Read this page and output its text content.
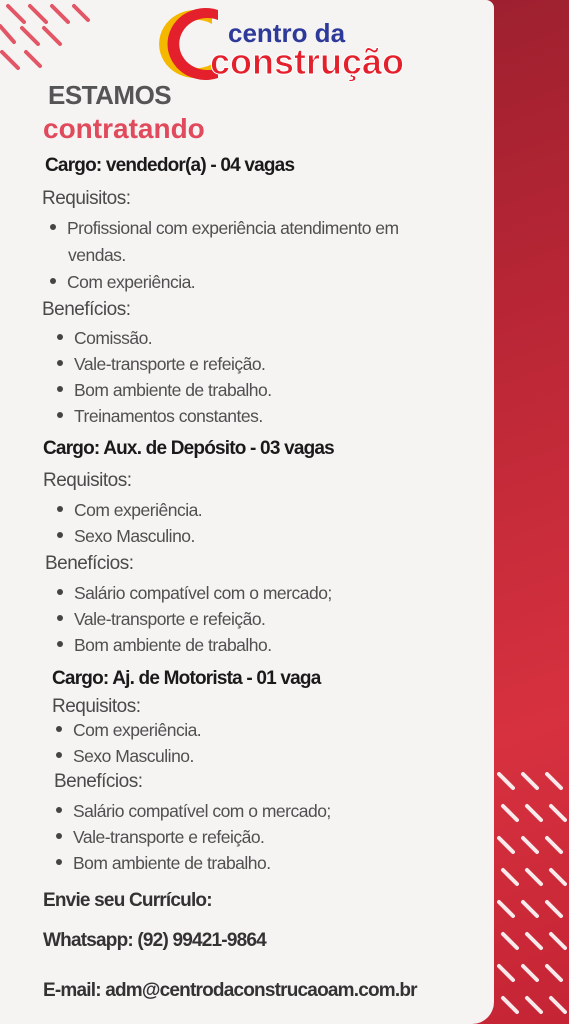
centro da
construção
ESTAMOS
contratando
Cargo: vendedor(a) - 04 vagas
Requisitos:
Profissional com experiência atendimento em
vendas.
Com experiência.
Benefícios:
Comissão.
Vale-transporte e refeição.
Bom ambiente de trabalho.
Treinamentos constantes.
Cargo: Aux. de Depósito - 03 vagas
Requisitos:
Com experiência.
Sexo Masculino.
Benefícios:
Salário compatível com o mercado;
Vale-transporte e refeição.
Bom ambiente de trabalho.
Cargo: Aj. de Motorista - 01 vaga
Requisitos:
Com experiência.
Sexo Masculino.
Benefícios:
Salário compatível com o mercado;
Vale-transporte e refeição.
Bom ambiente de trabalho.
Envie seu Currículo:
Whatsapp: (92) 99421-9864
E-mail: adm@centrodaconstrucaoam.com.br
